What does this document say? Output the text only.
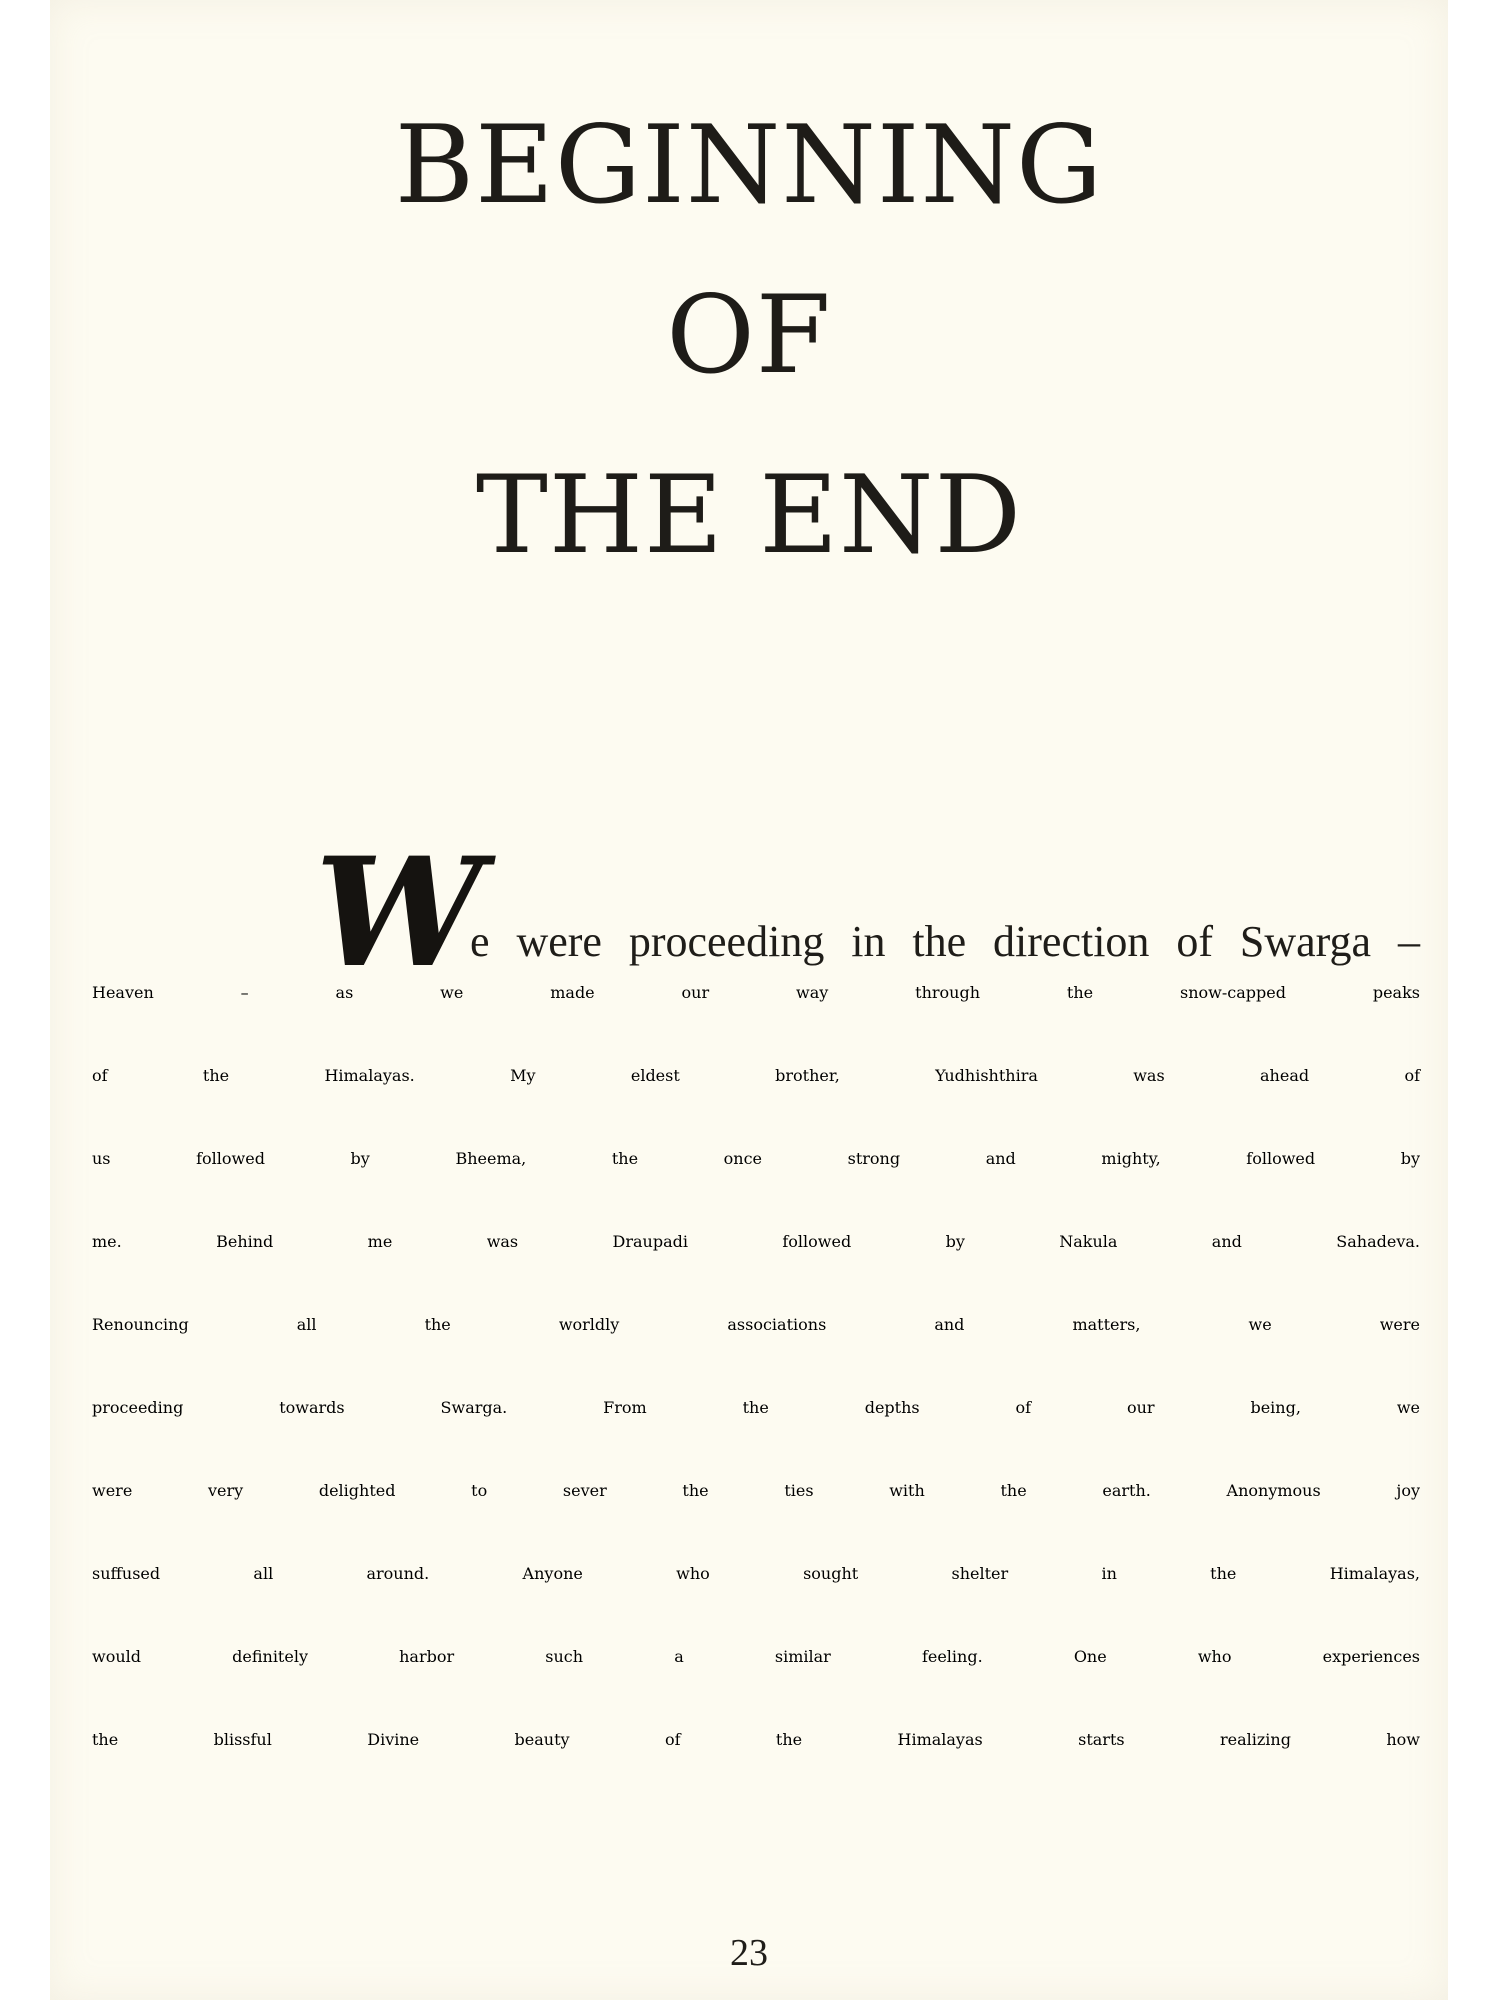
BEGINNING
OF
THE END
W
e were proceeding in the direction of Swarga –
Heaven – as we made our way through the snow-capped peaks
of the Himalayas. My eldest brother, Yudhishthira was ahead of
us followed by Bheema, the once strong and mighty, followed by
me. Behind me was Draupadi followed by Nakula and Sahadeva.
Renouncing all the worldly associations and matters, we were
proceeding towards Swarga. From the depths of our being, we
were very delighted to sever the ties with the earth. Anonymous joy
suffused all around. Anyone who sought shelter in the Himalayas,
would definitely harbor such a similar feeling. One who experiences
the blissful Divine beauty of the Himalayas starts realizing how
23
